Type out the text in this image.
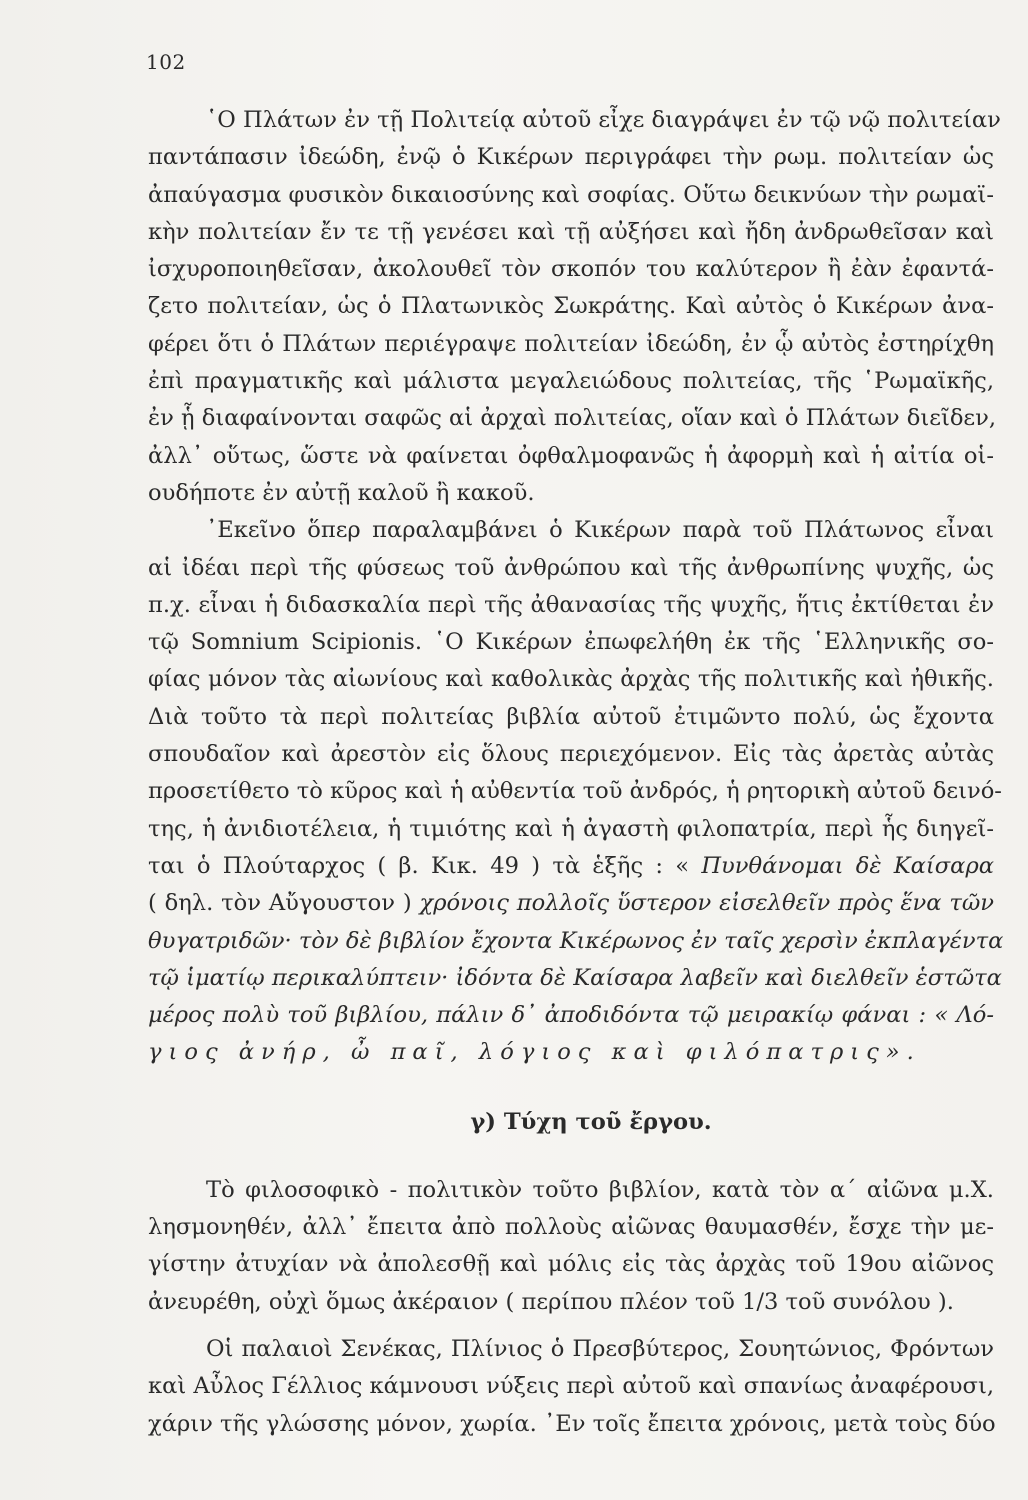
102
῾Ο Πλάτων ἐν τῇ Πολιτείᾳ αὐτοῦ εἶχε διαγράψει ἐν τῷ νῷ πολιτείαν
παντάπασιν ἰδεώδη, ἐνῷ ὁ Κικέρων περιγράφει τὴν ρωμ. πολιτείαν ὡς
ἀπαύγασμα φυσικὸν δικαιοσύνης καὶ σοφίας. Οὕτω δεικνύων τὴν ρωμαϊ-
κὴν πολιτείαν ἔν τε τῇ γενέσει καὶ τῇ αὐξήσει καὶ ἤδη ἀνδρωθεῖσαν καὶ
ἰσχυροποιηθεῖσαν, ἀκολουθεῖ τὸν σκοπόν του καλύτερον ἢ ἐὰν ἐφαντά-
ζετο πολιτείαν, ὡς ὁ Πλατωνικὸς Σωκράτης. Καὶ αὐτὸς ὁ Κικέρων ἀνα-
φέρει ὅτι ὁ Πλάτων περιέγραψε πολιτείαν ἰδεώδη, ἐν ᾧ αὐτὸς ἐστηρίχθη
ἐπὶ πραγματικῆς καὶ μάλιστα μεγαλειώδους πολιτείας, τῆς ῾Ρωμαϊκῆς,
ἐν ᾗ διαφαίνονται σαφῶς αἱ ἀρχαὶ πολιτείας, οἵαν καὶ ὁ Πλάτων διεῖδεν,
ἀλλ᾿ οὕτως, ὥστε νὰ φαίνεται ὀφθαλμοφανῶς ἡ ἀφορμὴ καὶ ἡ αἰτία οἱ-
ουδήποτε ἐν αὐτῇ καλοῦ ἢ κακοῦ.
᾿Εκεῖνο ὅπερ παραλαμβάνει ὁ Κικέρων παρὰ τοῦ Πλάτωνος εἶναι
αἱ ἰδέαι περὶ τῆς φύσεως τοῦ ἀνθρώπου καὶ τῆς ἀνθρωπίνης ψυχῆς, ὡς
π.χ. εἶναι ἡ διδασκαλία περὶ τῆς ἀθανασίας τῆς ψυχῆς, ἥτις ἐκτίθεται ἐν
τῷ Somnium Scipionis. ῾Ο Κικέρων ἐπωφελήθη ἐκ τῆς ῾Ελληνικῆς σο-
φίας μόνον τὰς αἰωνίους καὶ καθολικὰς ἀρχὰς τῆς πολιτικῆς καὶ ἠθικῆς.
Διὰ τοῦτο τὰ περὶ πολιτείας βιβλία αὐτοῦ ἐτιμῶντο πολύ, ὡς ἔχοντα
σπουδαῖον καὶ ἀρεστὸν εἰς ὅλους περιεχόμενον. Εἰς τὰς ἀρετὰς αὐτὰς
προσετίθετο τὸ κῦρος καὶ ἡ αὐθεντία τοῦ ἀνδρός, ἡ ρητορικὴ αὐτοῦ δεινό-
της, ἡ ἀνιδιοτέλεια, ἡ τιμιότης καὶ ἡ ἀγαστὴ φιλοπατρία, περὶ ἧς διηγεῖ-
ται ὁ Πλούταρχος ( β. Κικ. 49 ) τὰ ἑξῆς : « Πυνθάνομαι δὲ Καίσαρα
( δηλ. τὸν Αὔγουστον ) χρόνοις πολλοῖς ὕστερον εἰσελθεῖν πρὸς ἕνα τῶν
θυγατριδῶν· τὸν δὲ βιβλίον ἔχοντα Κικέρωνος ἐν ταῖς χερσὶν ἐκπλαγέντα
τῷ ἱματίῳ περικαλύπτειν· ἰδόντα δὲ Καίσαρα λαβεῖν καὶ διελθεῖν ἑστῶτα
μέρος πολὺ τοῦ βιβλίου, πάλιν δ᾿ ἀποδιδόντα τῷ μειρακίῳ φάναι : « Λό-
γιος ἀνήρ, ὦ παῖ, λόγιος καὶ φιλόπατρις».
γ) Τύχη τοῦ ἔργου.
Τὸ φιλοσοφικὸ - πολιτικὸν τοῦτο βιβλίον, κατὰ τὸν α΄ αἰῶνα μ.Χ.
λησμονηθέν, ἀλλ᾿ ἔπειτα ἀπὸ πολλοὺς αἰῶνας θαυμασθέν, ἔσχε τὴν με-
γίστην ἀτυχίαν νὰ ἀπολεσθῇ καὶ μόλις εἰς τὰς ἀρχὰς τοῦ 19ου αἰῶνος
ἀνευρέθη, οὐχὶ ὅμως ἀκέραιον ( περίπου πλέον τοῦ 1/3 τοῦ συνόλου ).
Οἱ παλαιοὶ Σενέκας, Πλίνιος ὁ Πρεσβύτερος, Σουητώνιος, Φρόντων
καὶ Αὖλος Γέλλιος κάμνουσι νύξεις περὶ αὐτοῦ καὶ σπανίως ἀναφέρουσι,
χάριν τῆς γλώσσης μόνον, χωρία. ᾿Εν τοῖς ἔπειτα χρόνοις, μετὰ τοὺς δύο
